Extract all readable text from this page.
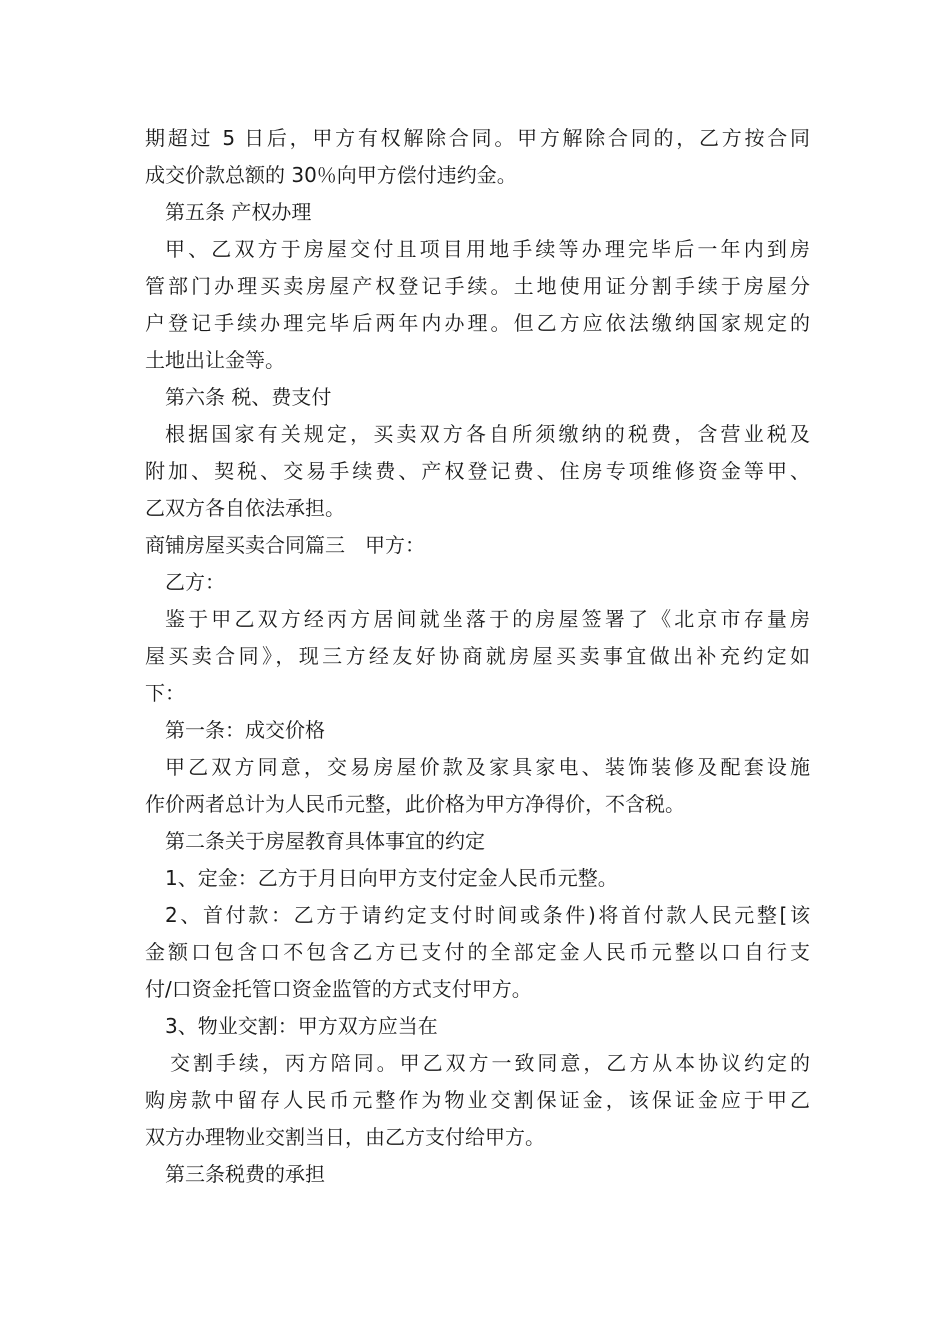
期超过 5 日后，甲方有权解除合同。甲方解除合同的，乙方按合同
成交价款总额的 30％向甲方偿付违约金。
第五条 产权办理
甲、乙双方于房屋交付且项目用地手续等办理完毕后一年内到房
管部门办理买卖房屋产权登记手续。土地使用证分割手续于房屋分
户登记手续办理完毕后两年内办理。但乙方应依法缴纳国家规定的
土地出让金等。
第六条 税、费支付
根据国家有关规定，买卖双方各自所须缴纳的税费，含营业税及
附加、契税、交易手续费、产权登记费、住房专项维修资金等甲、
乙双方各自依法承担。
商铺房屋买卖合同篇三　甲方：
乙方：
鉴于甲乙双方经丙方居间就坐落于的房屋签署了《北京市存量房
屋买卖合同》，现三方经友好协商就房屋买卖事宜做出补充约定如
下：
第一条：成交价格
甲乙双方同意，交易房屋价款及家具家电、装饰装修及配套设施
作价两者总计为人民币元整，此价格为甲方净得价，不含税。
第二条关于房屋教育具体事宜的约定
1、定金：乙方于月日向甲方支付定金人民币元整。
2、首付款：乙方于请约定支付时间或条件)将首付款人民元整[该
金额口包含口不包含乙方已支付的全部定金人民币元整以口自行支
付/口资金托管口资金监管的方式支付甲方。
3、物业交割：甲方双方应当在
交割手续，丙方陪同。甲乙双方一致同意，乙方从本协议约定的
购房款中留存人民币元整作为物业交割保证金，该保证金应于甲乙
双方办理物业交割当日，由乙方支付给甲方。
第三条税费的承担
